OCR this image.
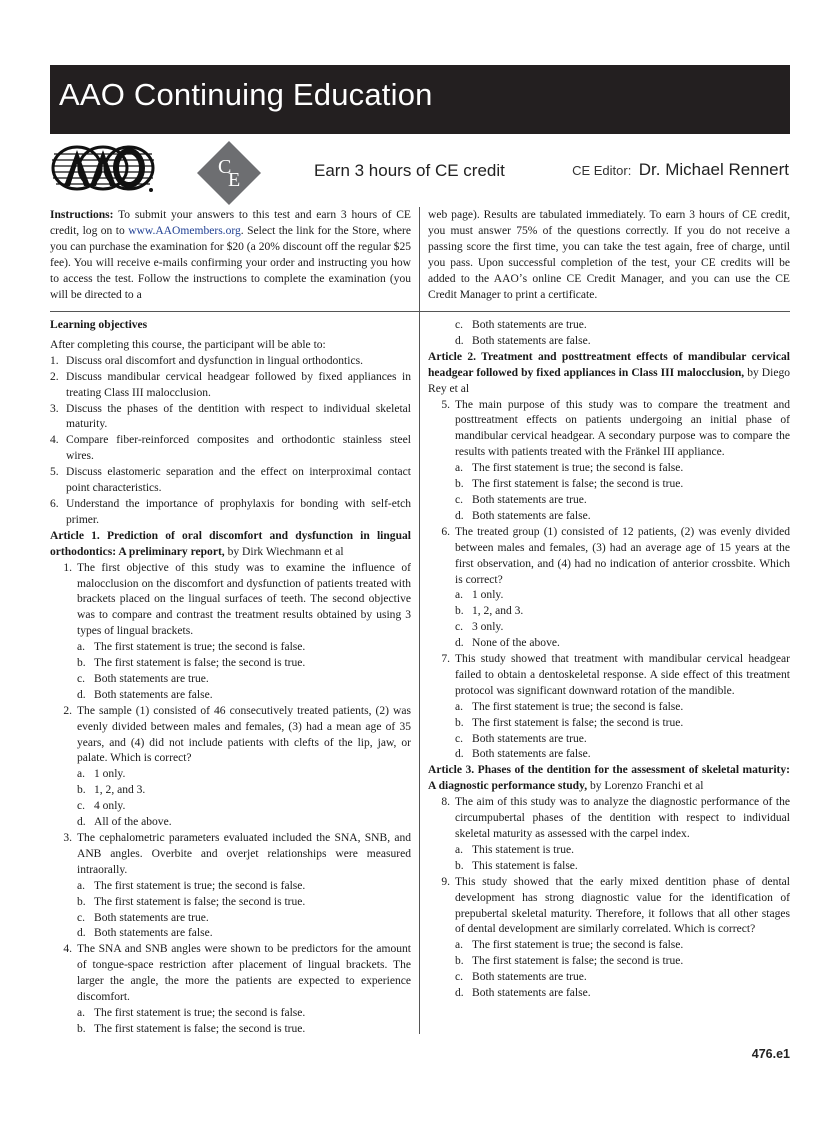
AAO Continuing Education
C
E	Earn 3 hours of CE credit	CE Editor: Dr. Michael Rennert
Instructions: To submit your answers to this test and earn 3 hours of CE credit, log on to www.AAOmembers.org. Select the link for the Store, where you can purchase the examination for $20 (a 20% discount off the regular $25 fee). You will receive e-mails confirming your order and instructing you how to access the test. Follow the instructions to complete the examination (you will be directed to a
web page). Results are tabulated immediately. To earn 3 hours of CE credit, you must answer 75% of the questions correctly. If you do not receive a passing score the first time, you can take the test again, free of charge, until you pass. Upon successful completion of the test, your CE credits will be added to the AAOʼs online CE Credit Manager, and you can use the CE Credit Manager to print a certificate.

Learning objectives

After completing this course, the participant will be able to:

1. Discuss oral discomfort and dysfunction in lingual orthodontics.
2. Discuss mandibular cervical headgear followed by fixed appliances in treating Class III malocclusion.
3. Discuss the phases of the dentition with respect to individual skeletal maturity.
4. Compare fiber-reinforced composites and orthodontic stainless steel wires.
5. Discuss elastomeric separation and the effect on interproximal contact point characteristics.
6. Understand the importance of prophylaxis for bonding with self-etch primer.

Article 1. Prediction of oral discomfort and dysfunction in lingual orthodontics: A preliminary report, by Dirk Wiechmann et al

1. The first objective of this study was to examine the influence of malocclusion on the discomfort and dysfunction of patients treated with brackets placed on the lingual surfaces of teeth. The second objective was to compare and contrast the treatment results obtained by using 3 types of lingual brackets.

a. The first statement is true; the second is false.
b. The first statement is false; the second is true.
c. Both statements are true.
d. Both statements are false.
2. The sample (1) consisted of 46 consecutively treated patients, (2) was evenly divided between males and females, (3) had a mean age of 35 years, and (4) did not include patients with clefts of the lip, jaw, or palate. Which is correct?

a. 1 only.
b. 1, 2, and 3.
c. 4 only.
d. All of the above.
3. The cephalometric parameters evaluated included the SNA, SNB, and ANB angles. Overbite and overjet relationships were measured intraorally.

a. The first statement is true; the second is false.
b. The first statement is false; the second is true.
c. Both statements are true.
d. Both statements are false.
4. The SNA and SNB angles were shown to be predictors for the amount of tongue-space restriction after placement of lingual brackets. The larger the angle, the more the patients are expected to experience discomfort.

a. The first statement is true; the second is false.
b. The first statement is false; the second is true.
c. Both statements are true.
d. Both statements are false.

Article 2. Treatment and posttreatment effects of mandibular cervical headgear followed by fixed appliances in Class III malocclusion, by Diego Rey et al

5. The main purpose of this study was to compare the treatment and posttreatment effects on patients undergoing an initial phase of mandibular cervical headgear. A secondary purpose was to compare the results with patients treated with the Fränkel III appliance.

a. The first statement is true; the second is false.
b. The first statement is false; the second is true.
c. Both statements are true.
d. Both statements are false.
6. The treated group (1) consisted of 12 patients, (2) was evenly divided between males and females, (3) had an average age of 15 years at the first observation, and (4) had no indication of anterior crossbite. Which is correct?

a. 1 only.
b. 1, 2, and 3.
c. 3 only.
d. None of the above.
7. This study showed that treatment with mandibular cervical headgear failed to obtain a dentoskeletal response. A side effect of this treatment protocol was significant downward rotation of the mandible.

a. The first statement is true; the second is false.
b. The first statement is false; the second is true.
c. Both statements are true.
d. Both statements are false.

Article 3. Phases of the dentition for the assessment of skeletal maturity: A diagnostic performance study, by Lorenzo Franchi et al

8. The aim of this study was to analyze the diagnostic performance of the circumpubertal phases of the dentition with respect to individual skeletal maturity as assessed with the carpel index.

a. This statement is true.
b. This statement is false.
9. This study showed that the early mixed dentition phase of dental development has strong diagnostic value for the identification of prepubertal skeletal maturity. Therefore, it follows that all other stages of dental development are similarly correlated. Which is correct?

a. The first statement is true; the second is false.
b. The first statement is false; the second is true.
c. Both statements are true.
d. Both statements are false.
476.e1
